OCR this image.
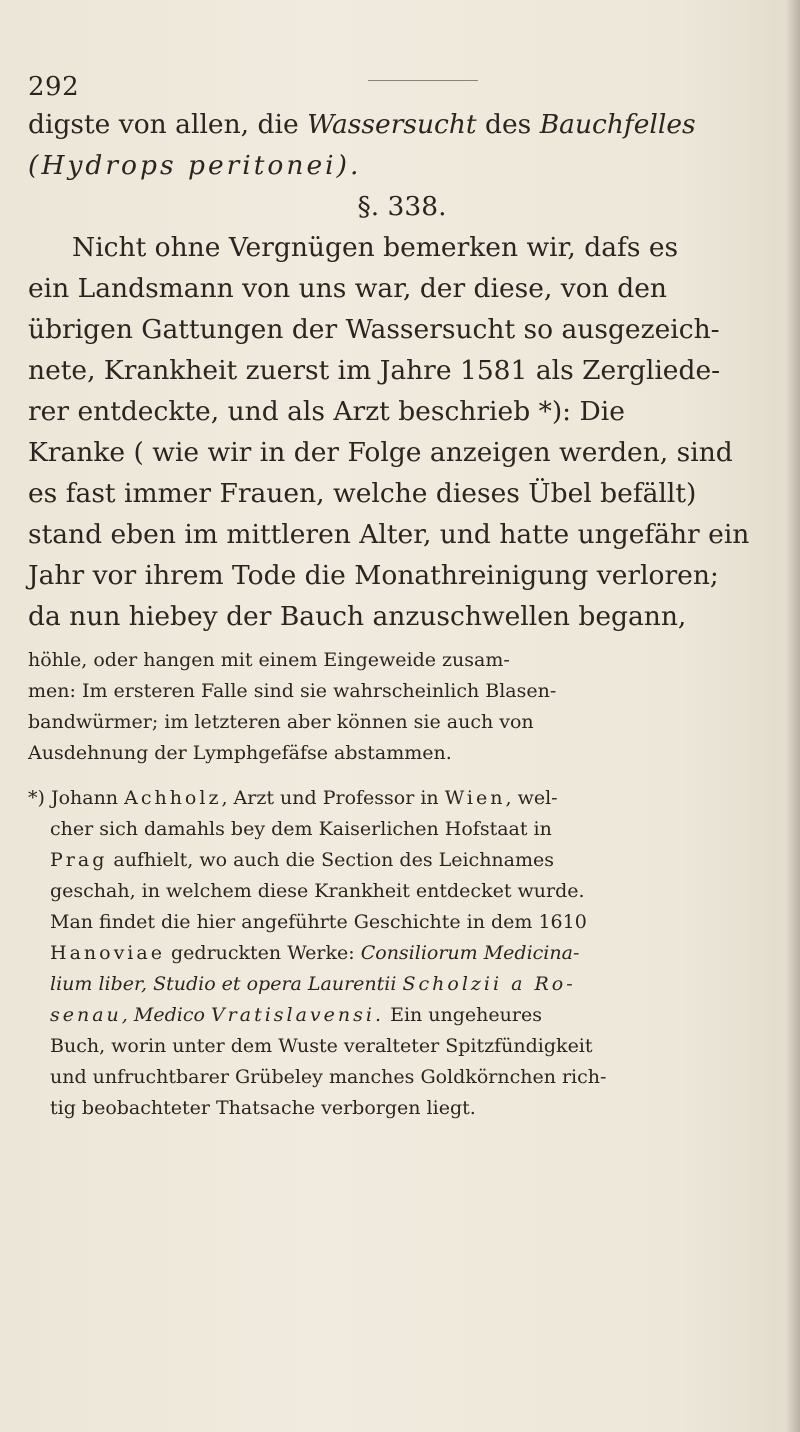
292
digste von allen, die Wassersucht des Bauchfelles
(Hydrops peritonei).
§. 338.
Nicht ohne Vergnügen bemerken wir, dafs es
ein Landsmann von uns war, der diese, von den
übrigen Gattungen der Wassersucht so ausgezeich-
nete, Krankheit zuerst im Jahre 1581 als Zergliede-
rer entdeckte, und als Arzt beschrieb *): Die
Kranke ( wie wir in der Folge anzeigen werden, sind
es fast immer Frauen, welche dieses Übel befällt)
stand eben im mittleren Alter, und hatte ungefähr ein
Jahr vor ihrem Tode die Monathreinigung verloren;
da nun hiebey der Bauch anzuschwellen begann,
höhle, oder hangen mit einem Eingeweide zusam-
men: Im ersteren Falle sind sie wahrscheinlich Blasen-
bandwürmer; im letzteren aber können sie auch von
Ausdehnung der Lymphgefäfse abstammen.
*) Johann Achholz, Arzt und Professor in Wien, wel-
cher sich damahls bey dem Kaiserlichen Hofstaat in
Prag aufhielt, wo auch die Section des Leichnames
geschah, in welchem diese Krankheit entdecket wurde.
Man findet die hier angeführte Geschichte in dem 1610
Hanoviae gedruckten Werke: Consiliorum Medicina-
lium liber, Studio et opera Laurentii Scholzii a Ro-
senau, Medico Vratislavensi. Ein ungeheures
Buch, worin unter dem Wuste veralteter Spitzfündigkeit
und unfruchtbarer Grübeley manches Goldkörnchen rich-
tig beobachteter Thatsache verborgen liegt.
